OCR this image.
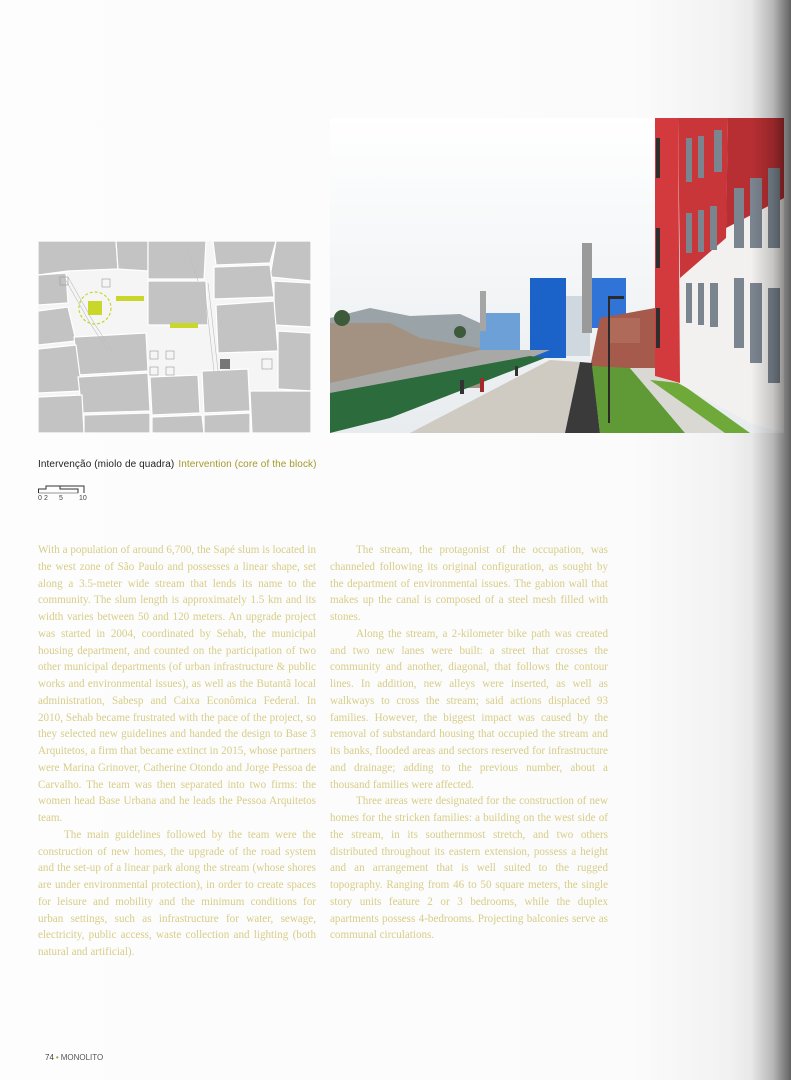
Intervenção (miolo de quadra) Intervention (core of the block)
0 2 5 10

With a population of around 6,700, the Sapé slum is located in the west zone of São Paulo and possesses a linear shape, set along a 3.5-meter wide stream that lends its name to the community. The slum length is approximately 1.5 km and its width varies between 50 and 120 meters. An upgrade project was started in 2004, coordinated by Sehab, the municipal housing department, and counted on the participation of two other municipal departments (of urban infrastructure & public works and environmental issues), as well as the Butantã local administration, Sabesp and Caixa Econômica Federal. In 2010, Sehab became frustrated with the pace of the project, so they selected new guidelines and handed the design to Base 3 Arquitetos, a firm that became extinct in 2015, whose partners were Marina Grinover, Catherine Otondo and Jorge Pessoa de Carvalho. The team was then separated into two firms: the women head Base Urbana and he leads the Pessoa Arquitetos team.

The main guidelines followed by the team were the construction of new homes, the upgrade of the road system and the set-up of a linear park along the stream (whose shores are under environmental protection), in order to create spaces for leisure and mobility and the minimum conditions for urban settings, such as infrastructure for water, sewage, electricity, public access, waste collection and lighting (both natural and artificial).

The stream, the protagonist of the occupation, was channeled following its original configuration, as sought by the department of environmental issues. The gabion wall that makes up the canal is composed of a steel mesh filled with stones.

Along the stream, a 2-kilometer bike path was created and two new lanes were built: a street that crosses the community and another, diagonal, that follows the contour lines. In addition, new alleys were inserted, as well as walkways to cross the stream; said actions displaced 93 families. However, the biggest impact was caused by the removal of substandard housing that occupied the stream and its banks, flooded areas and sectors reserved for infrastructure and drainage; adding to the previous number, about a thousand families were affected.

Three areas were designated for the construction of new homes for the stricken families: a building on the west side of the stream, in its southernmost stretch, and two others distributed throughout its eastern extension, possess a height and an arrangement that is well suited to the rugged topography. Ranging from 46 to 50 square meters, the single story units feature 2 or 3 bedrooms, while the duplex apartments possess 4-bedrooms. Projecting balconies serve as communal circulations.

74 • MONOLITO
